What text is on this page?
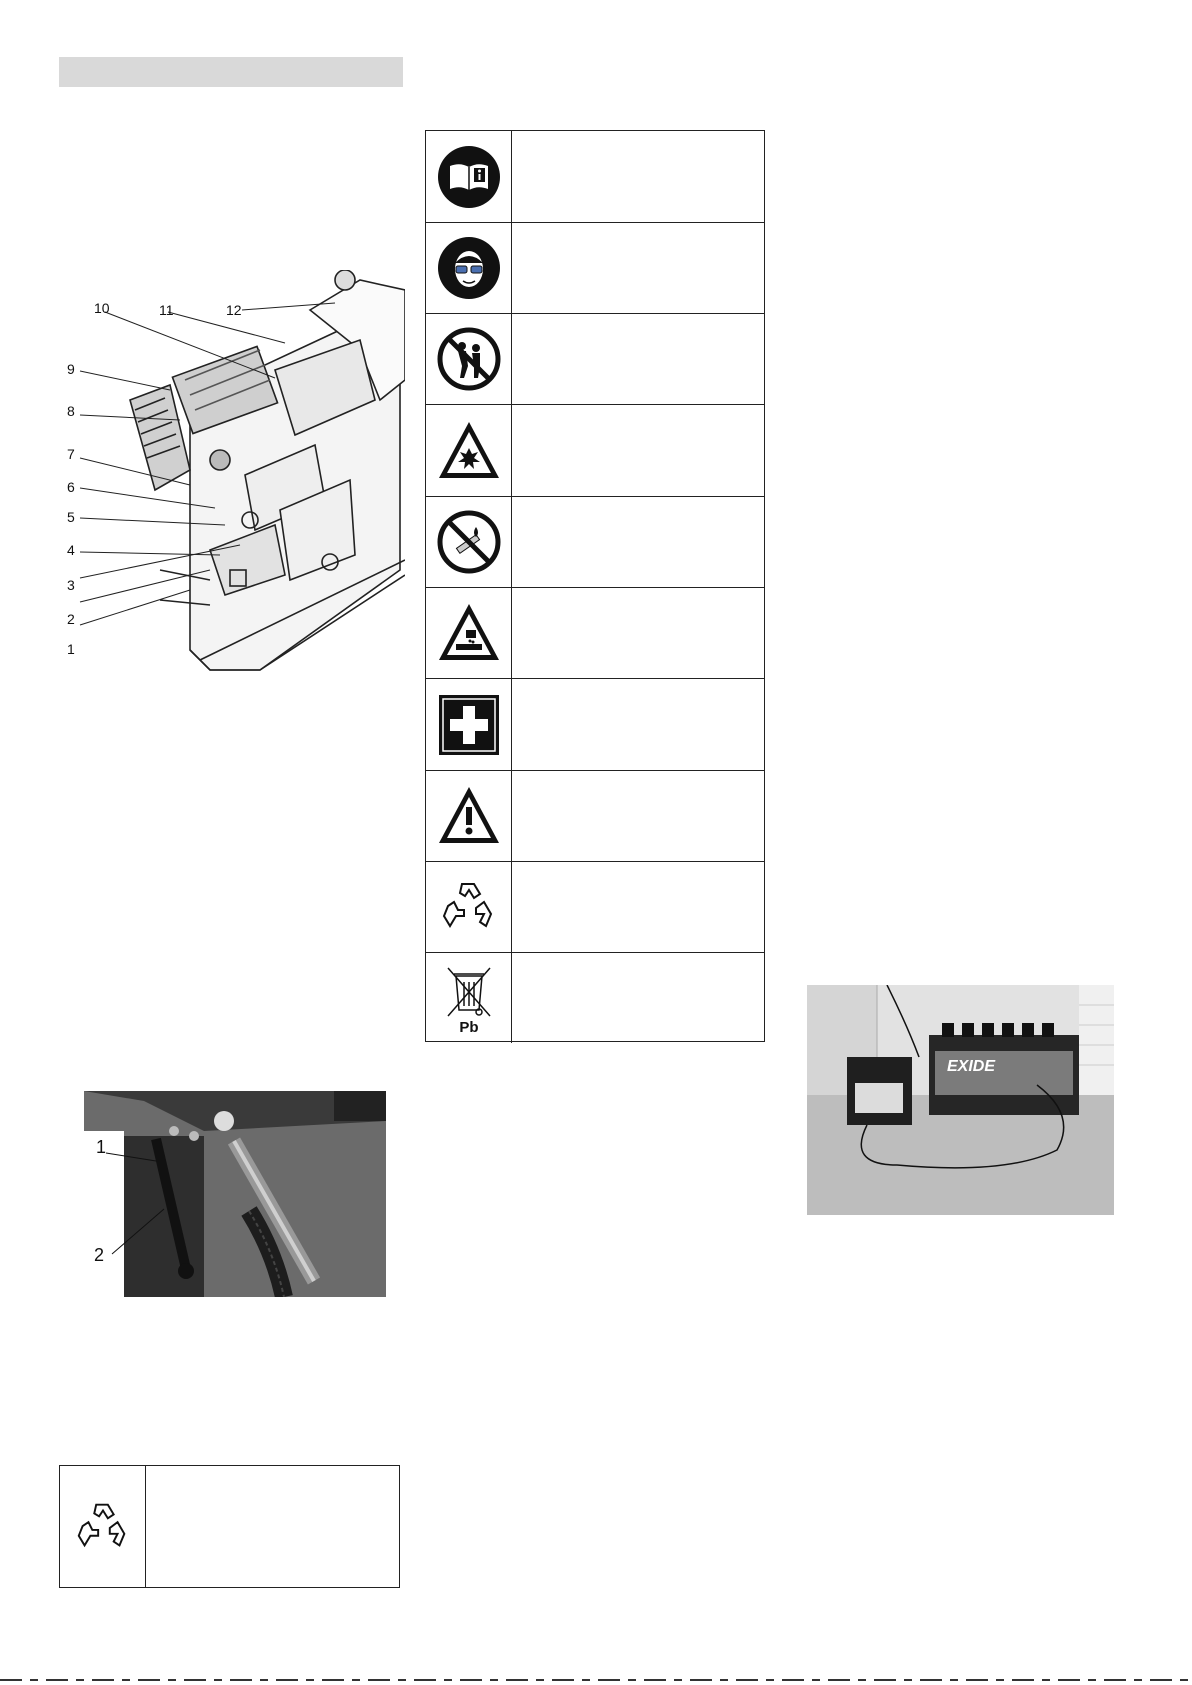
1
2
3
4
5
6
7
8
9
10	11	12
Pb
1
2
EXIDE
